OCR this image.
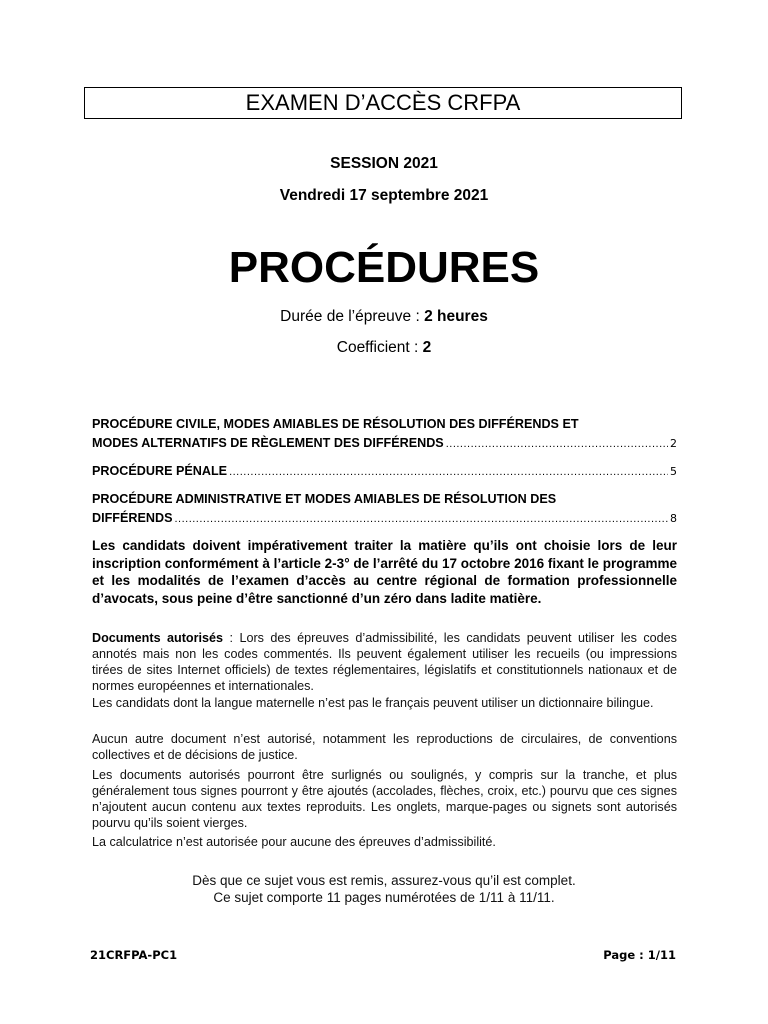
EXAMEN D’ACCÈS CRFPA
SESSION 2021
Vendredi 17 septembre 2021
PROCÉDURES
Durée de l’épreuve : 2 heures
Coefficient : 2
PROCÉDURE CIVILE, MODES AMIABLES DE RÉSOLUTION DES DIFFÉRENDS ET
MODES ALTERNATIFS DE RÈGLEMENT DES DIFFÉRENDS .....	2
PROCÉDURE PÉNALE .....	5
PROCÉDURE ADMINISTRATIVE ET MODES AMIABLES DE RÉSOLUTION DES
DIFFÉRENDS .....	8
Les candidats doivent impérativement traiter la matière qu’ils ont choisie lors de leur inscription conformément à l’article 2-3° de l’arrêté du 17 octobre 2016 fixant le programme et les modalités de l’examen d’accès au centre régional de formation professionnelle d’avocats, sous peine d’être sanctionné d’un zéro dans ladite matière.
Documents autorisés : Lors des épreuves d’admissibilité, les candidats peuvent utiliser les codes annotés mais non les codes commentés. Ils peuvent également utiliser les recueils (ou impressions tirées de sites Internet officiels) de textes réglementaires, législatifs et constitutionnels nationaux et de normes européennes et internationales.
Les candidats dont la langue maternelle n’est pas le français peuvent utiliser un dictionnaire bilingue.
Aucun autre document n’est autorisé, notamment les reproductions de circulaires, de conventions collectives et de décisions de justice.
Les documents autorisés pourront être surlignés ou soulignés, y compris sur la tranche, et plus généralement tous signes pourront y être ajoutés (accolades, flèches, croix, etc.) pourvu que ces signes n’ajoutent aucun contenu aux textes reproduits. Les onglets, marque-pages ou signets sont autorisés pourvu qu’ils soient vierges.
La calculatrice n’est autorisée pour aucune des épreuves d’admissibilité.
Dès que ce sujet vous est remis, assurez-vous qu’il est complet.
Ce sujet comporte 11 pages numérotées de 1/11 à 11/11.
21CRFPA-PC1	Page : 1/11
